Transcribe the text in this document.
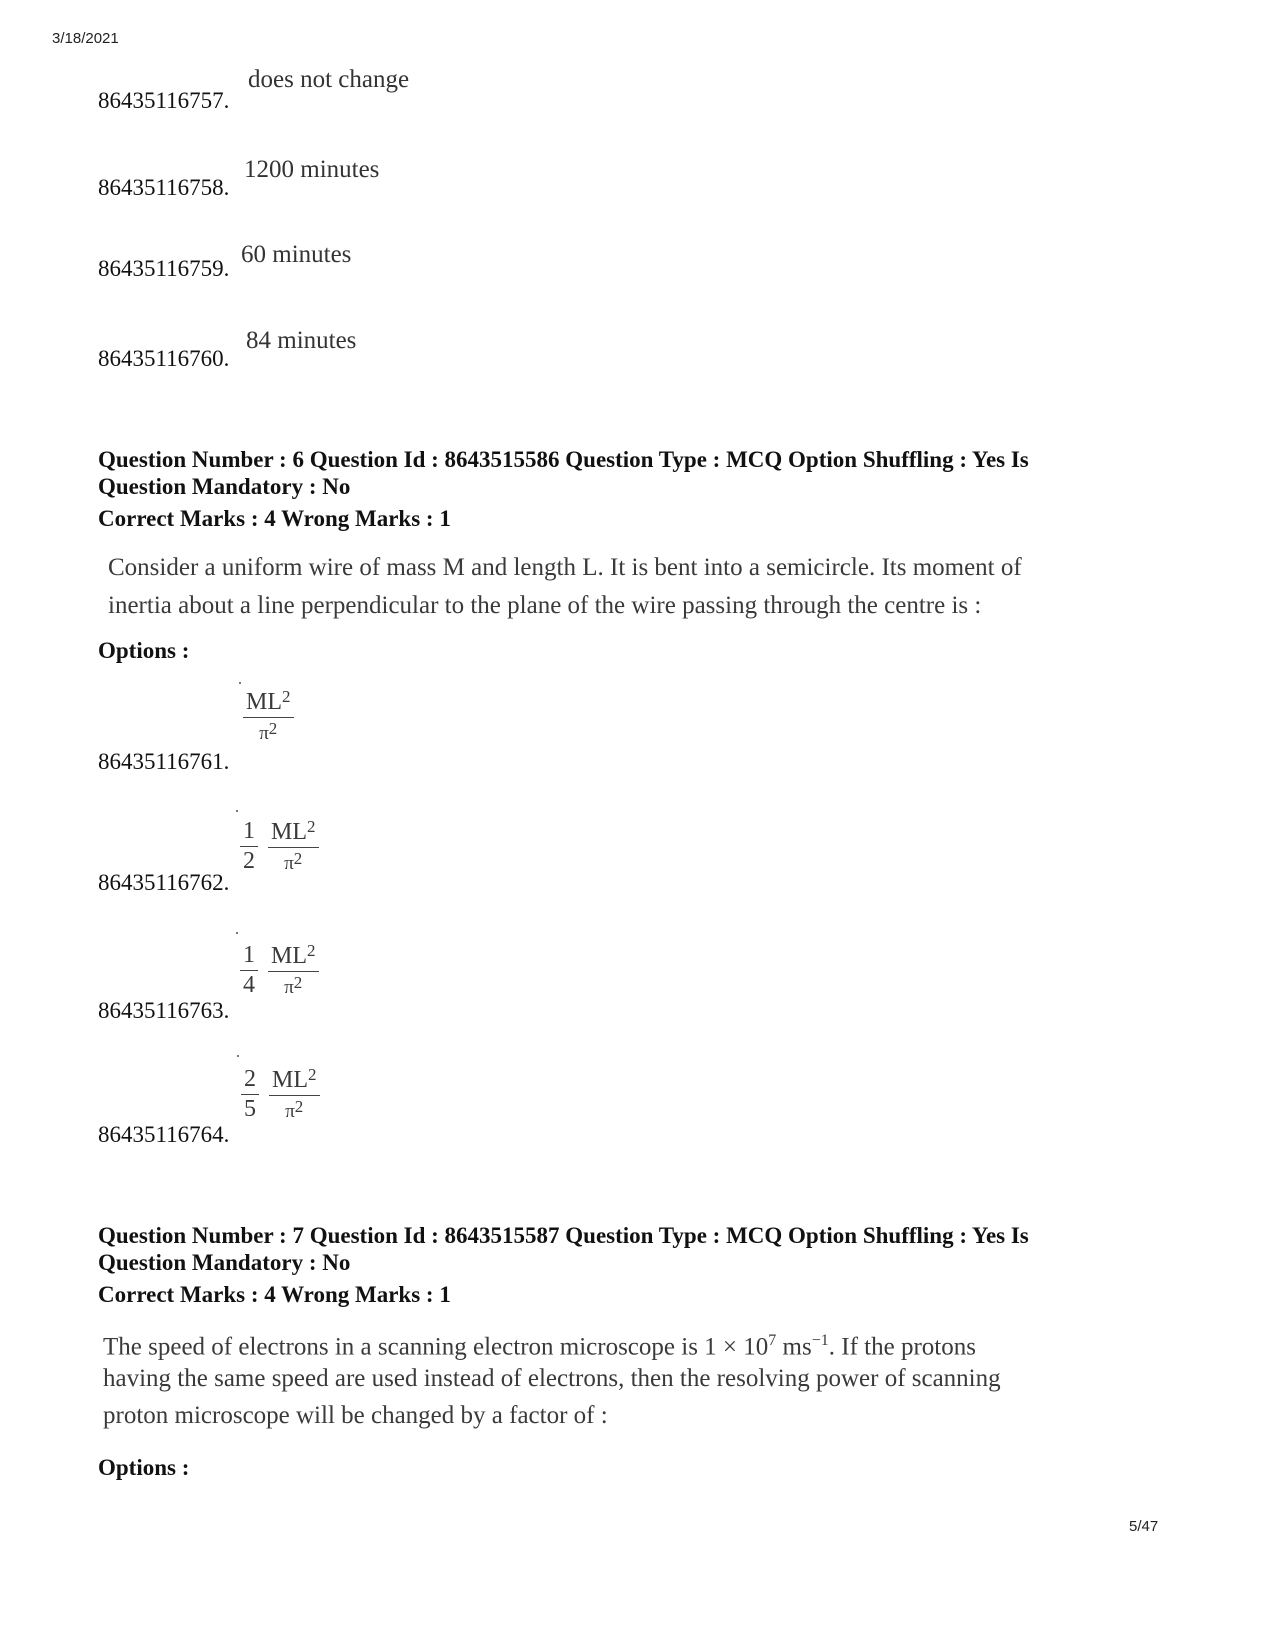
3/18/2021
86435116757.
does not change
86435116758.
1200 minutes
86435116759.
60 minutes
86435116760.
84 minutes
Question Number : 6 Question Id : 8643515586 Question Type : MCQ Option Shuffling : Yes Is
Question Mandatory : No
Correct Marks : 4 Wrong Marks : 1
Consider a uniform wire of mass M and length L. It is bent into a semicircle. Its moment of
inertia about a line perpendicular to the plane of the wire passing through the centre is :
Options :
86435116761.
$\frac{ML^2}{\pi^2}$
86435116762.
$\frac{1}{2} \frac{ML^2}{\pi^2}$
86435116763.
$\frac{1}{4} \frac{ML^2}{\pi^2}$
86435116764.
$\frac{2}{5} \frac{ML^2}{\pi^2}$
Question Number : 7 Question Id : 8643515587 Question Type : MCQ Option Shuffling : Yes Is
Question Mandatory : No
Correct Marks : 4 Wrong Marks : 1
The speed of electrons in a scanning electron microscope is $1 \times 10^7$ $ms^{-1}$. If the protons
having the same speed are used instead of electrons, then the resolving power of scanning
proton microscope will be changed by a factor of :
Options :
5/47
